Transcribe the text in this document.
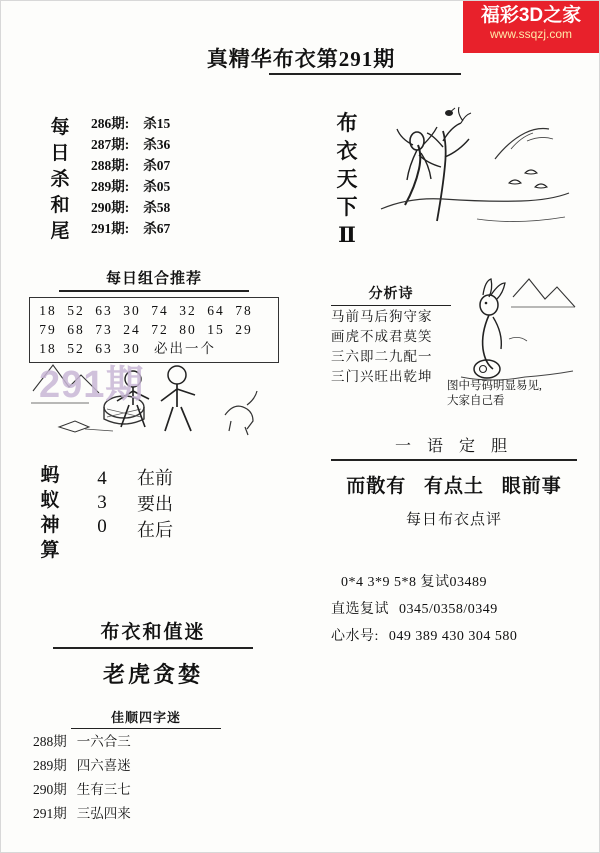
福彩3D之家
www.ssqzj.com
真精华布衣第291期
每日杀和尾
286期: 杀15
287期: 杀36
288期: 杀07
289期: 杀05
290期: 杀58
291期: 杀67
每日组合推荐
18 52 63 30 74 32 64 78
79 68 73 24 72 80 15 29
18 52 63 30 必出一个
291期
蚂蚁神算
4
3
0
在前
要出
在后
布衣和值迷
老虎贪婪
佳顺四字迷
288期 一六合三
289期 四六喜迷
290期 生有三七
291期 三弘四来
布衣天下Ⅱ
分析诗
马前马后狗守家
画虎不成君莫笑
三六即二九配一
三门兴旺出乾坤
图中号码明显易见,
大家自己看
一 语 定 胆
而散有 有点土 眼前事
每日布衣点评
0*4 3*9 5*8 复试03489
直选复试 0345/0358/0349
心水号: 049 389 430 304 580
